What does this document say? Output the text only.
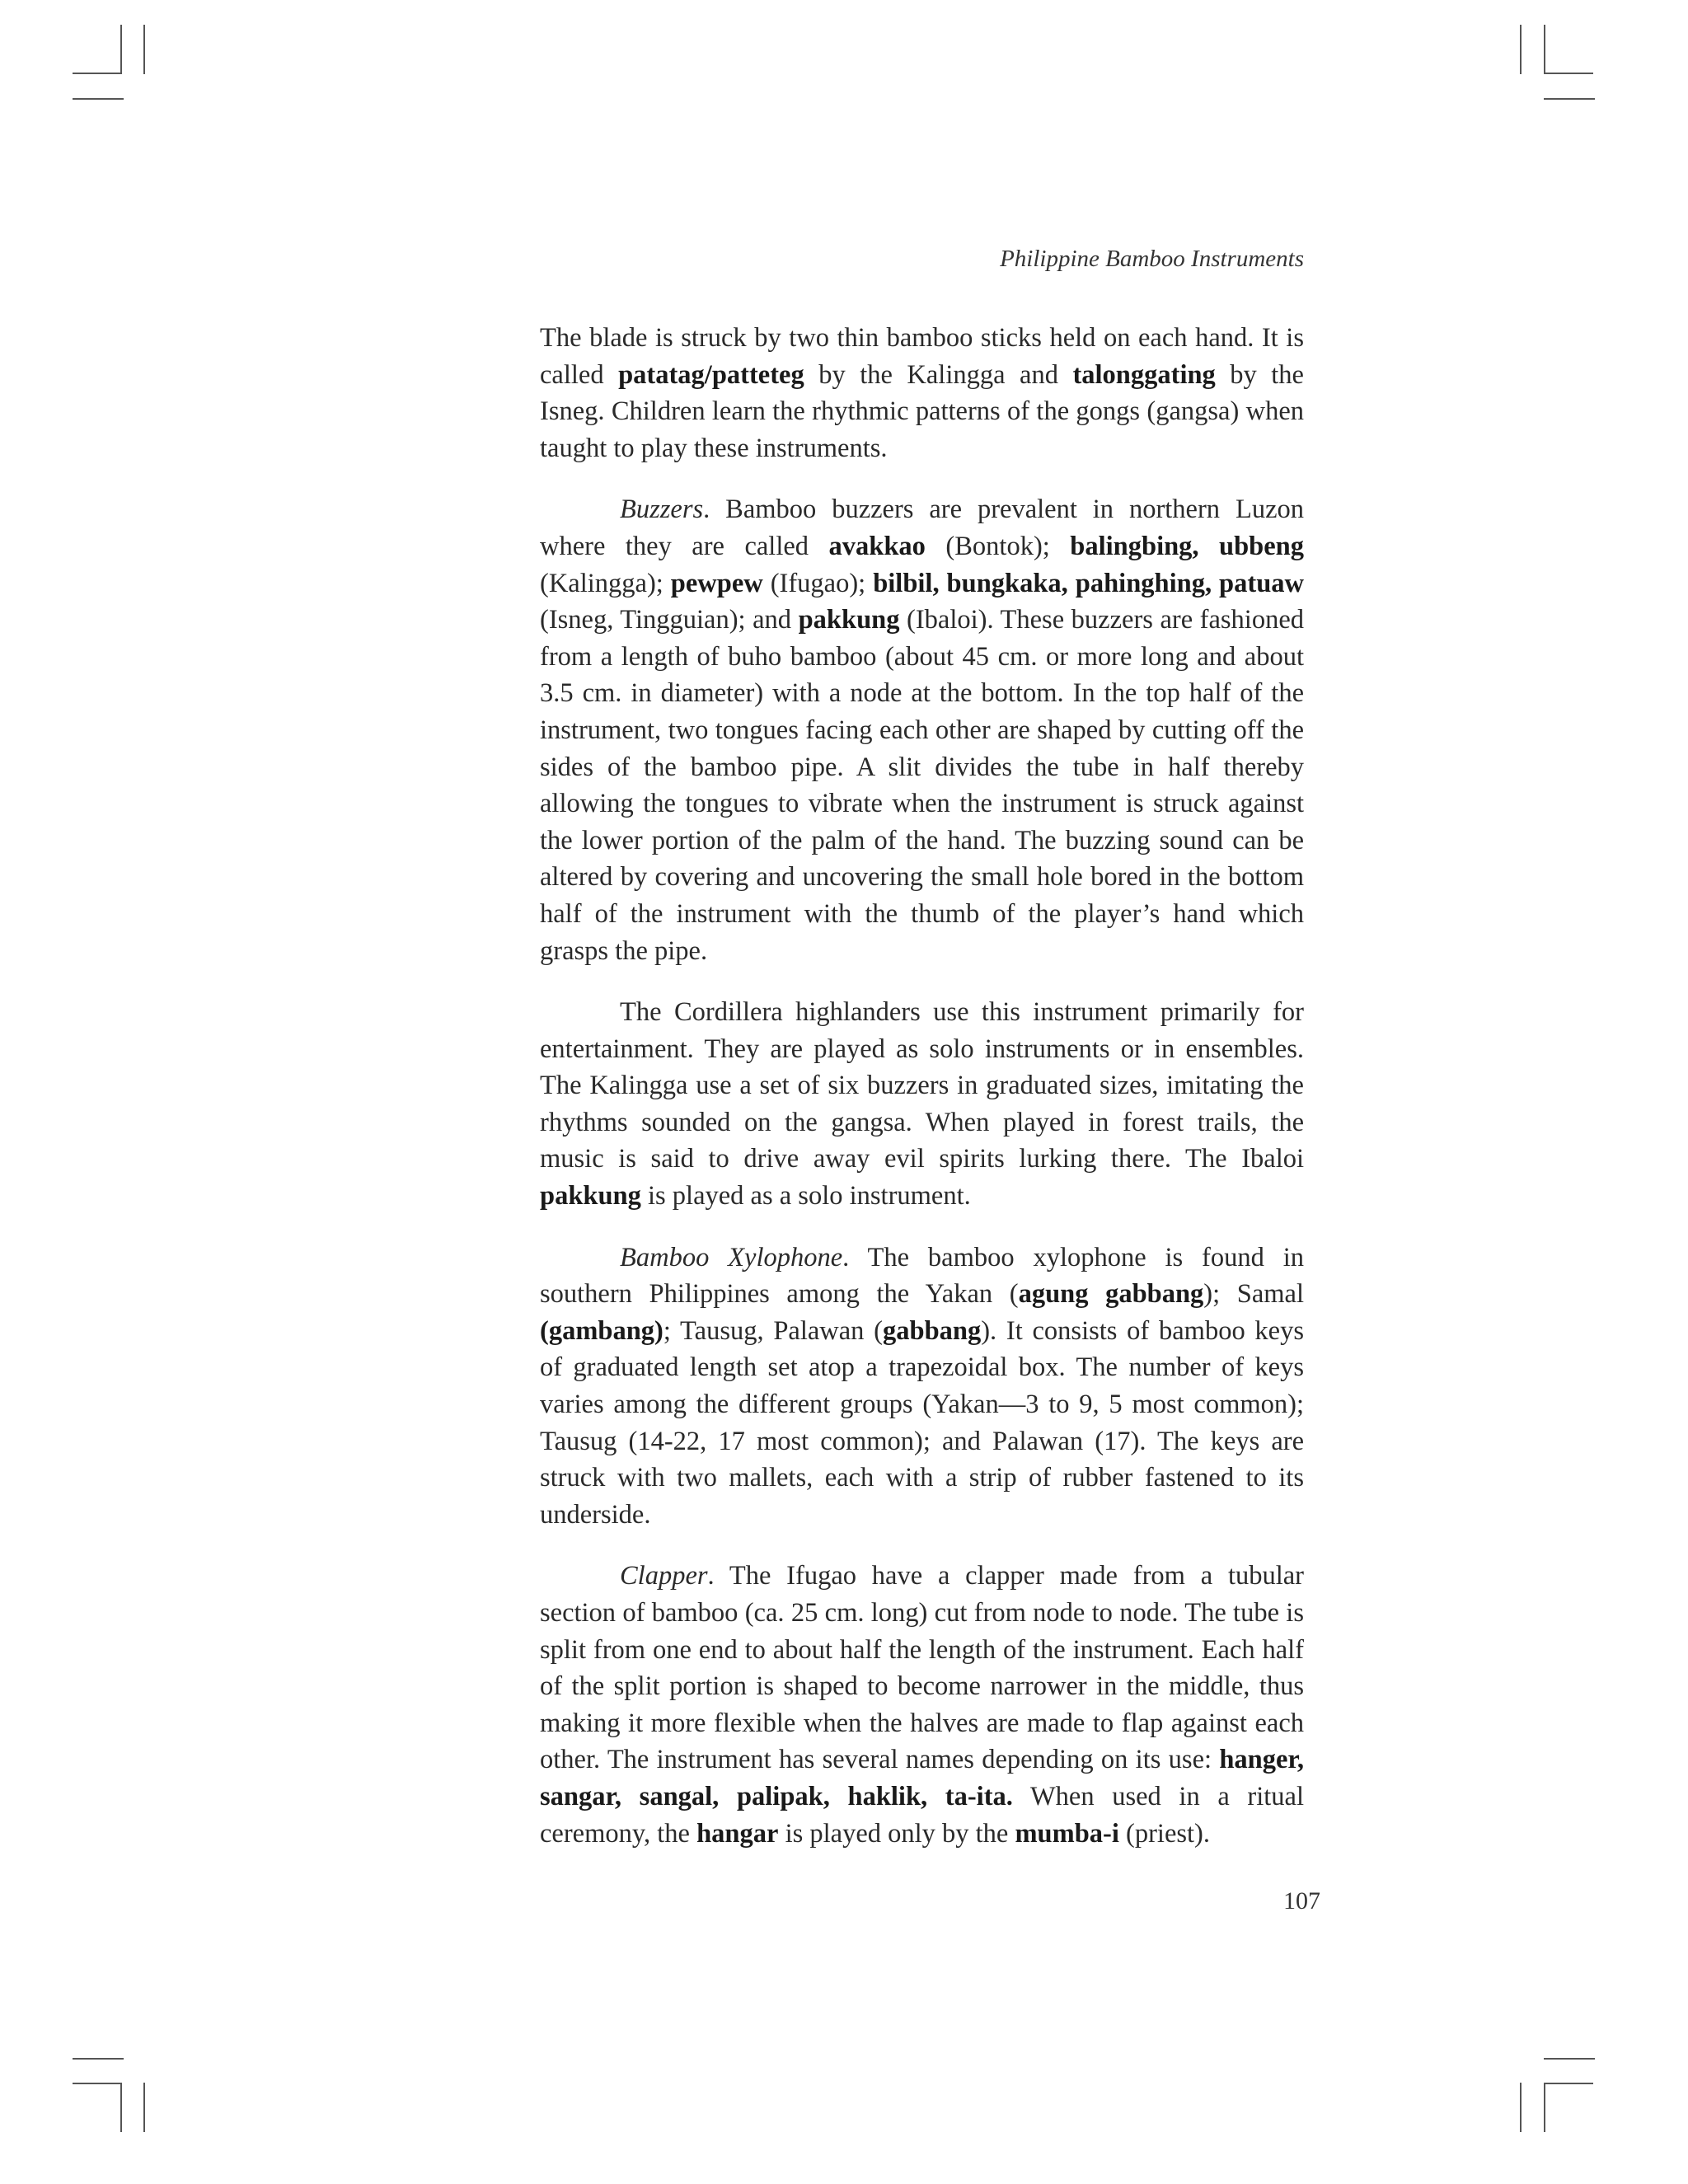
Philippine Bamboo Instruments

The blade is struck by two thin bamboo sticks held on each hand. It is called patatag/patteteg by the Kalingga and talonggating by the Isneg. Children learn the rhythmic patterns of the gongs (gangsa) when taught to play these instruments.

Buzzers. Bamboo buzzers are prevalent in northern Luzon where they are called avakkao (Bontok); balingbing, ubbeng (Kalingga); pewpew (Ifugao); bilbil, bungkaka, pahinghing, patuaw (Isneg, Tingguian); and pakkung (Ibaloi). These buzzers are fashioned from a length of buho bamboo (about 45 cm. or more long and about 3.5 cm. in diameter) with a node at the bottom. In the top half of the instrument, two tongues facing each other are shaped by cutting off the sides of the bamboo pipe. A slit divides the tube in half thereby allowing the tongues to vibrate when the instrument is struck against the lower portion of the palm of the hand. The buzzing sound can be altered by covering and uncovering the small hole bored in the bottom half of the instrument with the thumb of the player’s hand which grasps the pipe.

The Cordillera highlanders use this instrument primarily for entertainment. They are played as solo instruments or in ensembles. The Kalingga use a set of six buzzers in graduated sizes, imitating the rhythms sounded on the gangsa. When played in forest trails, the music is said to drive away evil spirits lurking there. The Ibaloi pakkung is played as a solo instrument.

Bamboo Xylophone. The bamboo xylophone is found in southern Philippines among the Yakan (agung gabbang); Samal (gambang); Tausug, Palawan (gabbang). It consists of bamboo keys of graduated length set atop a trapezoidal box. The number of keys varies among the different groups (Yakan—3 to 9, 5 most common); Tausug (14-22, 17 most common); and Palawan (17). The keys are struck with two mallets, each with a strip of rubber fastened to its underside.

Clapper. The Ifugao have a clapper made from a tubular section of bamboo (ca. 25 cm. long) cut from node to node. The tube is split from one end to about half the length of the instrument. Each half of the split portion is shaped to become narrower in the middle, thus making it more flexible when the halves are made to flap against each other. The instrument has several names depending on its use: hanger, sangar, sangal, palipak, haklik, ta-ita. When used in a ritual ceremony, the hangar is played only by the mumba-i (priest).

107
